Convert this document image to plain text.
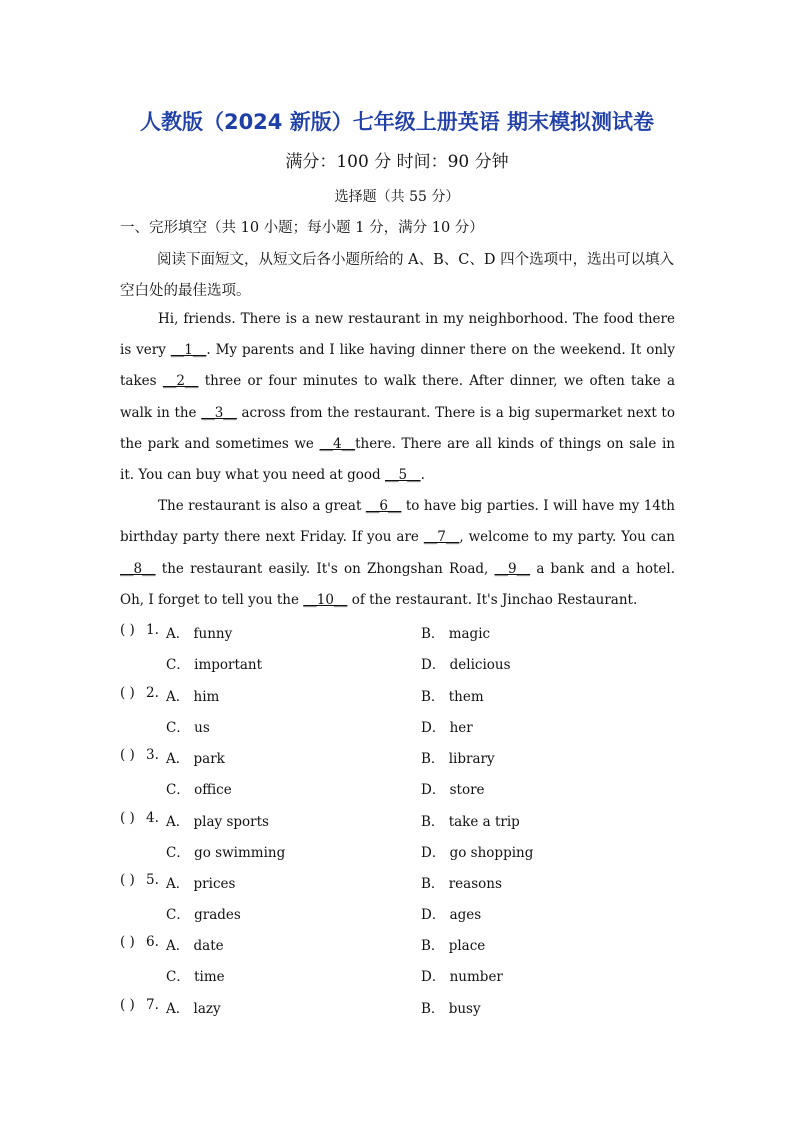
人教版（2024 新版）七年级上册英语 期末模拟测试卷
满分：100 分 时间：90 分钟
选择题（共 55 分）
一、完形填空（共 10 小题；每小题 1 分，满分 10 分）
阅读下面短文，从短文后各小题所给的 A、B、C、D 四个选项中，选出可以填入空白处的最佳选项。

Hi, friends. There is a new restaurant in my neighborhood. The food there is very __1__. My parents and I like having dinner there on the weekend. It only takes __2__ three or four minutes to walk there. After dinner, we often take a walk in the __3__ across from the restaurant. There is a big supermarket next to the park and sometimes we __4__there. There are all kinds of things on sale in it. You can buy what you need at good __5__.

The restaurant is also a great __6__ to have big parties. I will have my 14th birthday party there next Friday. If you are __7__, welcome to my party. You can __8__ the restaurant easily. It's on Zhongshan Road, __9__ a bank and a hotel. Oh, I forget to tell you the __10__ of the restaurant. It's Jinchao Restaurant.

( ) 1. A． funny	B． magic
C． important	D． delicious
( ) 2. A． him	B． them
C． us	D． her
( ) 3. A． park	B． library
C． office	D． store
( ) 4. A． play sports	B． take a trip
C． go swimming	D． go shopping
( ) 5. A． prices	B． reasons
C． grades	D． ages
( ) 6. A． date	B． place
C． time	D． number
( ) 7. A． lazy	B． busy
